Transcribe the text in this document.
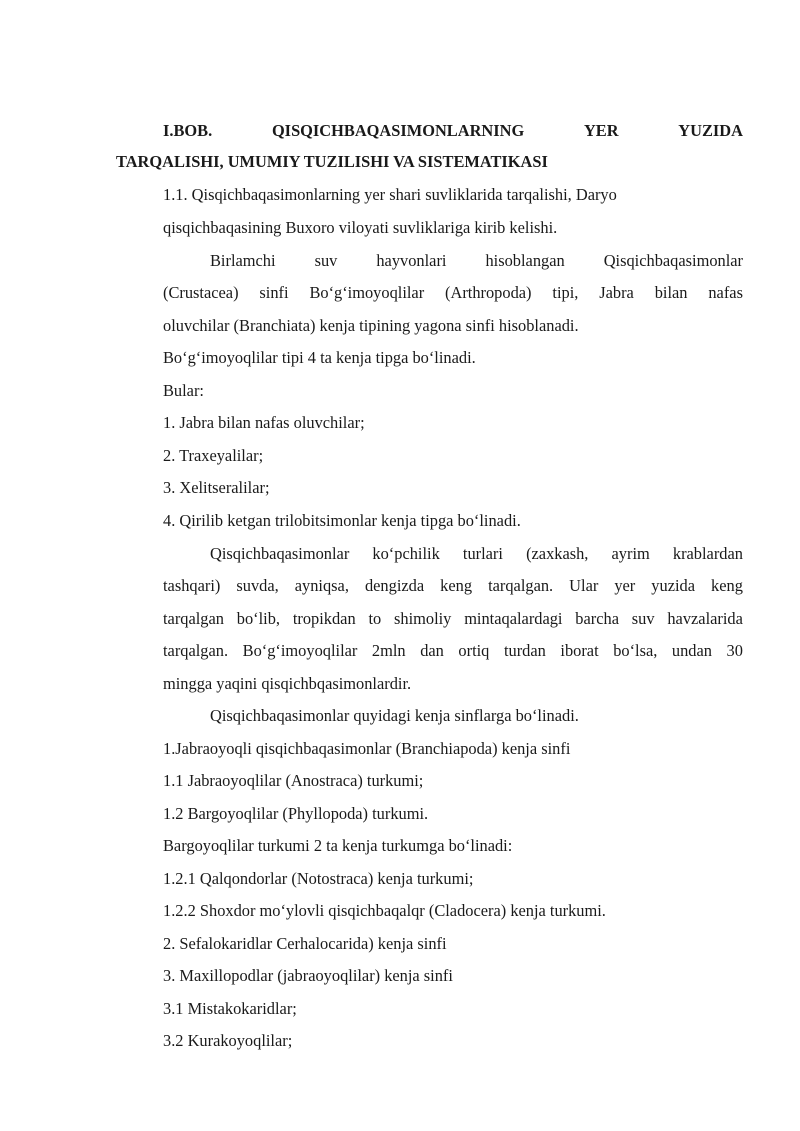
I.BOB.	QISQICHBAQASIMONLARNING	YER	YUZIDA
TARQALISHI, UMUMIY TUZILISHI VA SISTEMATIKASI
1.1. Qisqichbaqasimonlarning yer shari suvliklarida tarqalishi, Daryo
qisqichbaqasining Buxoro viloyati suvliklariga kirib kelishi.
Birlamchi suv hayvonlari hisoblangan Qisqichbaqasimonlar
(Crustacea) sinfi Bo‘g‘imoyoqlilar (Arthropoda) tipi, Jabra bilan nafas
oluvchilar (Branchiata) kenja tipining yagona sinfi hisoblanadi.
Bo‘g‘imoyoqlilar tipi 4 ta kenja tipga bo‘linadi.
Bular:
1. Jabra bilan nafas oluvchilar;
2. Traxeyalilar;
3. Xelitseralilar;
4. Qirilib ketgan trilobitsimonlar kenja tipga bo‘linadi.
Qisqichbaqasimonlar ko‘pchilik turlari (zaxkash, ayrim krablardan
tashqari) suvda, ayniqsa, dengizda keng tarqalgan. Ular yer yuzida keng
tarqalgan bo‘lib, tropikdan to shimoliy mintaqalardagi barcha suv havzalarida
tarqalgan. Bo‘g‘imoyoqlilar 2mln dan ortiq turdan iborat bo‘lsa, undan 30
mingga yaqini qisqichbqasimonlardir.
Qisqichbaqasimonlar quyidagi kenja sinflarga bo‘linadi.
1.Jabraoyoqli qisqichbaqasimonlar (Branchiapoda) kenja sinfi
1.1 Jabraoyoqlilar (Anostraca) turkumi;
1.2 Bargoyoqlilar (Phyllopoda) turkumi.
Bargoyoqlilar turkumi 2 ta kenja turkumga bo‘linadi:
1.2.1 Qalqondorlar (Notostraca) kenja turkumi;
1.2.2 Shoxdor mo‘ylovli qisqichbaqalqr (Cladocera) kenja turkumi.
2. Sefalokaridlar Cerhalocarida) kenja sinfi
3. Maxillopodlar (jabraoyoqlilar) kenja sinfi
3.1 Mistakokaridlar;
3.2 Kurakoyoqlilar;
